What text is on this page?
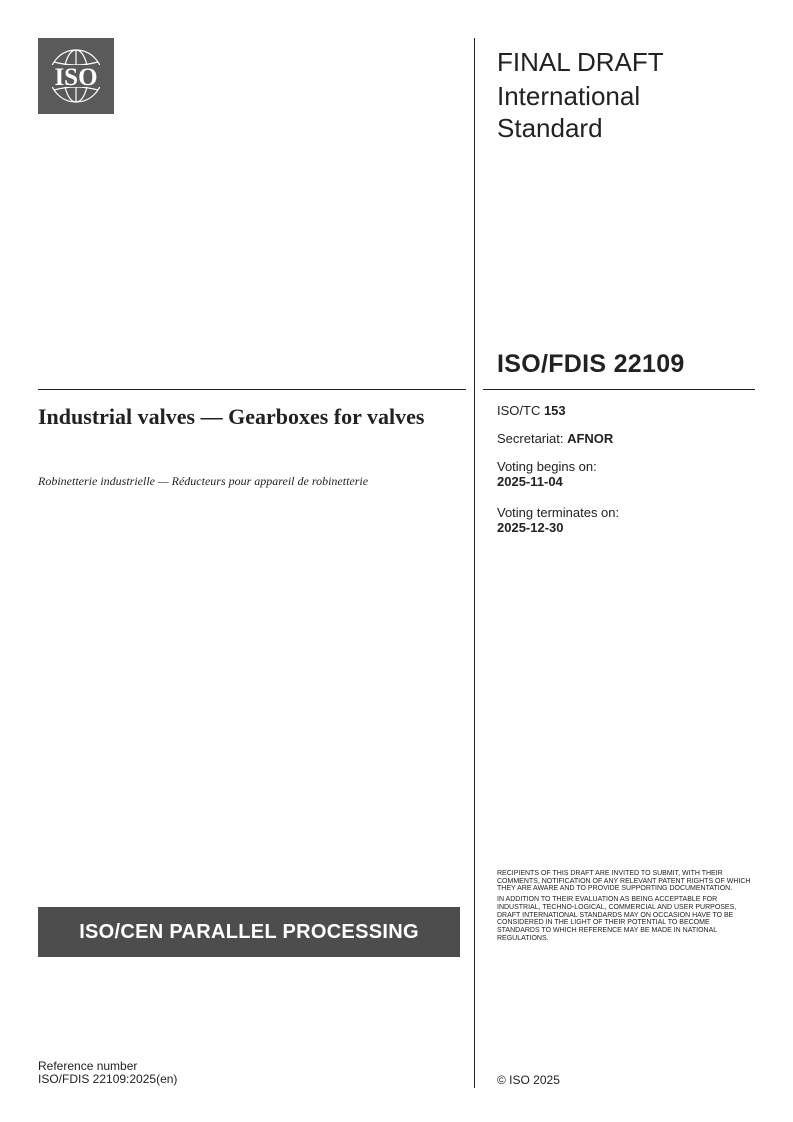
ISO
FINAL DRAFT
International
Standard
ISO/FDIS 22109
Industrial valves — Gearboxes for valves
Robinetterie industrielle — Réducteurs pour appareil de robinetterie
ISO/TC 153
Secretariat: AFNOR
Voting begins on:
2025-11-04
Voting terminates on:
2025-12-30

RECIPIENTS OF THIS DRAFT ARE INVITED TO SUBMIT, WITH THEIR COMMENTS, NOTIFICATION OF ANY RELEVANT PATENT RIGHTS OF WHICH THEY ARE AWARE AND TO PROVIDE SUPPORTING DOCUMENTATION.

IN ADDITION TO THEIR EVALUATION AS BEING ACCEPTABLE FOR INDUSTRIAL, TECHNO-LOGICAL, COMMERCIAL AND USER PURPOSES, DRAFT INTERNATIONAL STANDARDS MAY ON OCCASION HAVE TO BE CONSIDERED IN THE LIGHT OF THEIR POTENTIAL TO BECOME STANDARDS TO WHICH REFERENCE MAY BE MADE IN NATIONAL REGULATIONS.

ISO/CEN PARALLEL PROCESSING
Reference number
ISO/FDIS 22109:2025(en)	© ISO 2025
